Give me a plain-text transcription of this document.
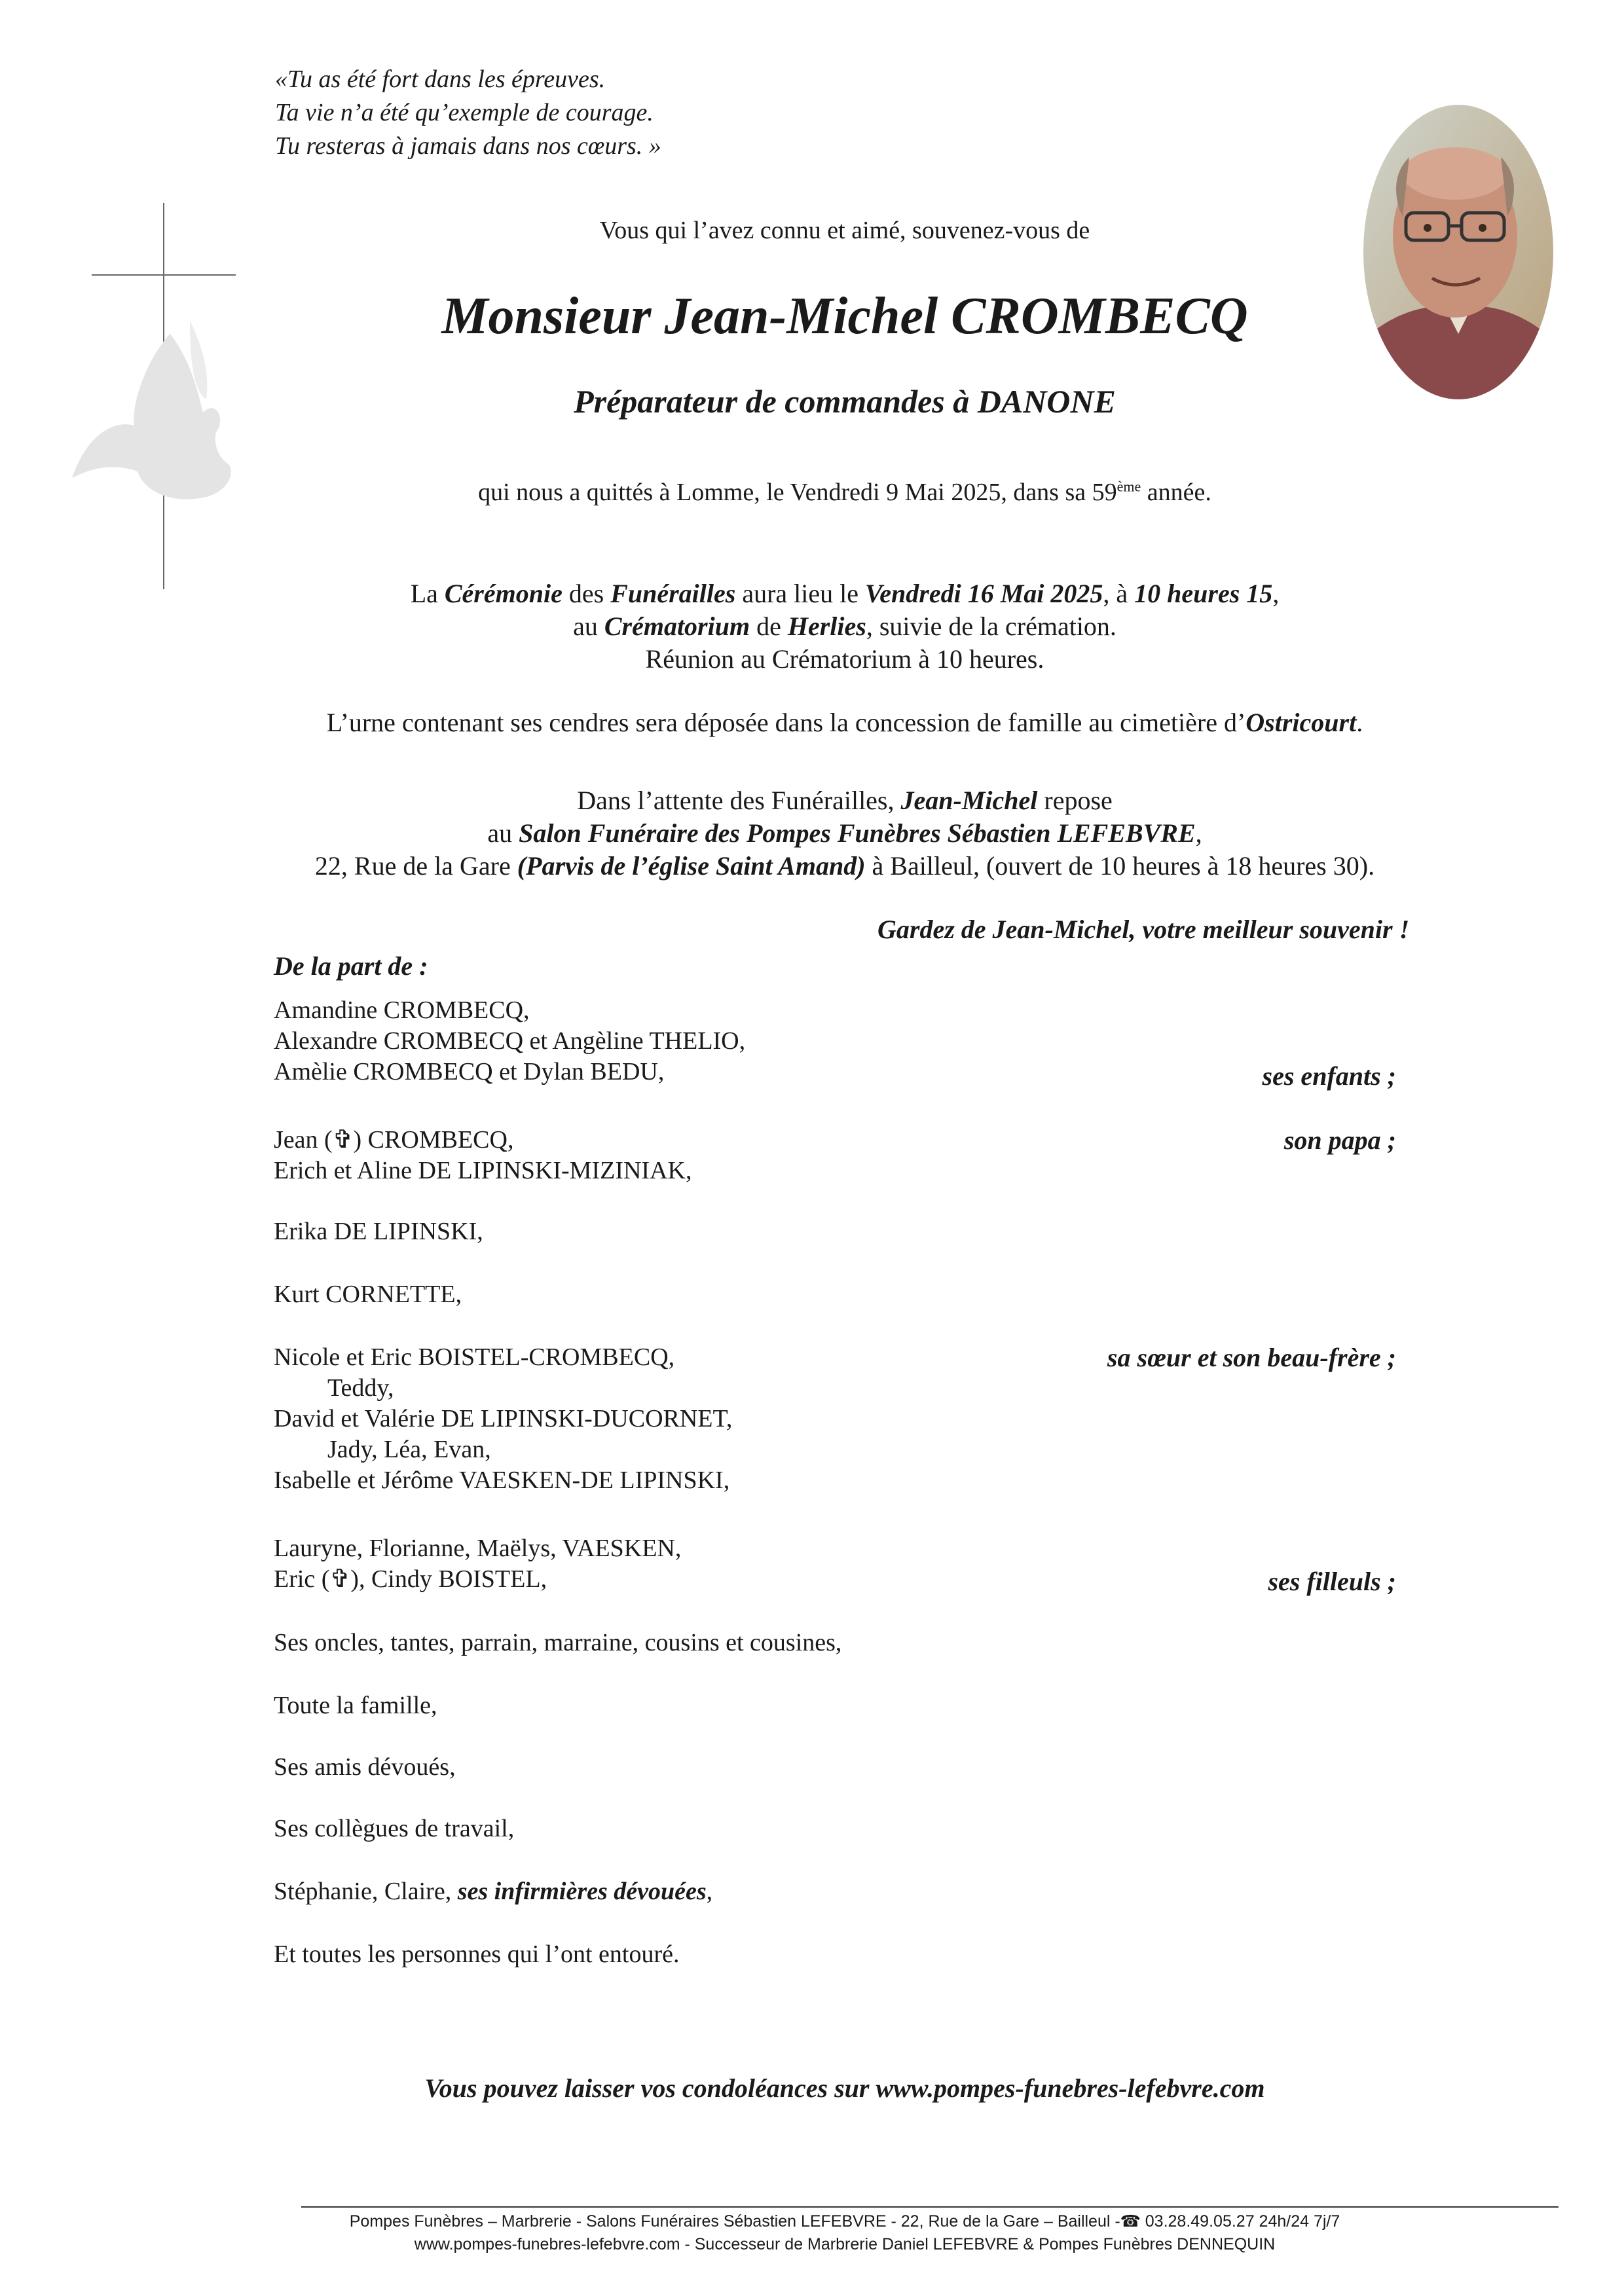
«Tu as été fort dans les épreuves.
Ta vie n’a été qu’exemple de courage.
Tu resteras à jamais dans nos cœurs. »
Vous qui l’avez connu et aimé, souvenez-vous de
Monsieur Jean-Michel CROMBECQ
Préparateur de commandes à DANONE
qui nous a quittés à Lomme, le Vendredi 9 Mai 2025, dans sa 59ème année.
La Cérémonie des Funérailles aura lieu le Vendredi 16 Mai 2025, à 10 heures 15,
au Crématorium de Herlies, suivie de la crémation.
Réunion au Crématorium à 10 heures.
L’urne contenant ses cendres sera déposée dans la concession de famille au cimetière d’Ostricourt.
Dans l’attente des Funérailles, Jean-Michel repose
au Salon Funéraire des Pompes Funèbres Sébastien LEFEBVRE,
22, Rue de la Gare (Parvis de l’église Saint Amand) à Bailleul, (ouvert de 10 heures à 18 heures 30).
Gardez de Jean-Michel, votre meilleur souvenir !
De la part de :
Amandine CROMBECQ,
Alexandre CROMBECQ et Angèline THELIO,
Amèlie CROMBECQ et Dylan BEDU,	ses enfants ;
Jean (✞) CROMBECQ,
Erich et Aline DE LIPINSKI-MIZINIAK,
son papa ;
Erika DE LIPINSKI,
Kurt CORNETTE,
Nicole et Eric BOISTEL-CROMBECQ,
Teddy,
David et Valérie DE LIPINSKI-DUCORNET,
Jady, Léa, Evan,
Isabelle et Jérôme VAESKEN-DE LIPINSKI,
sa sœur et son beau-frère ;
Lauryne, Florianne, Maëlys, VAESKEN,
Eric (✞), Cindy BOISTEL,	ses filleuls ;
Ses oncles, tantes, parrain, marraine, cousins et cousines,
Toute la famille,
Ses amis dévoués,
Ses collègues de travail,
Stéphanie, Claire, ses infirmières dévouées,
Et toutes les personnes qui l’ont entouré.
Vous pouvez laisser vos condoléances sur www.pompes-funebres-lefebvre.com
Pompes Funèbres – Marbrerie - Salons Funéraires Sébastien LEFEBVRE - 22, Rue de la Gare – Bailleul -☎ 03.28.49.05.27 24h/24 7j/7
www.pompes-funebres-lefebvre.com - Successeur de Marbrerie Daniel LEFEBVRE & Pompes Funèbres DENNEQUIN
